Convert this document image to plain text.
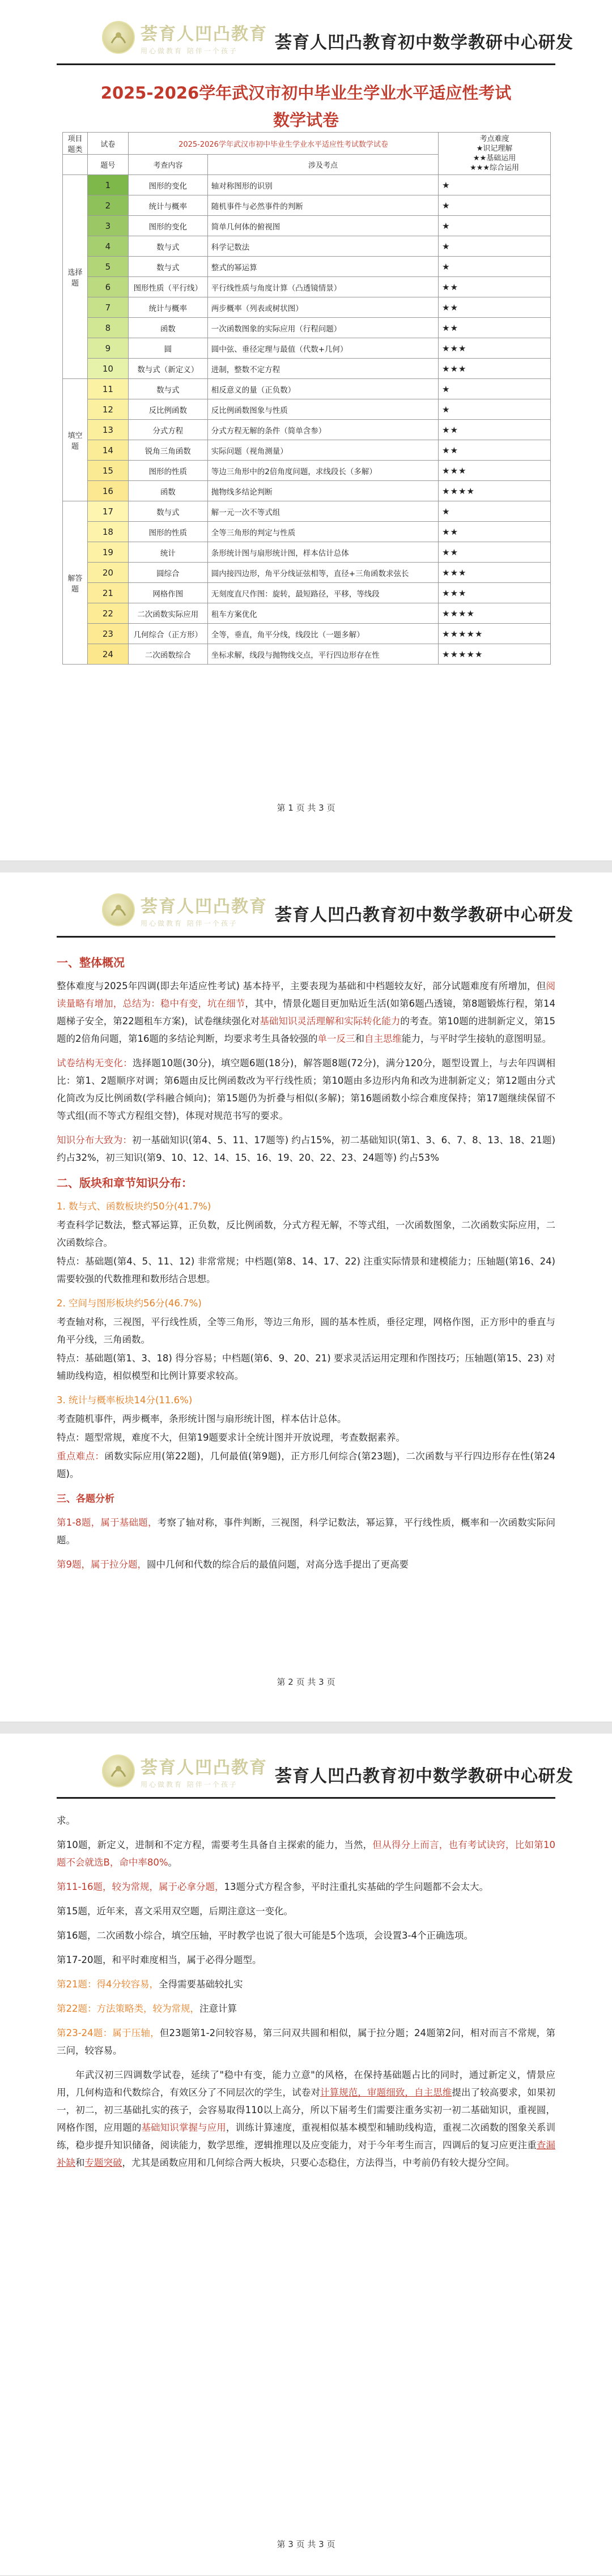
荟育人凹凸教育
用心做教育 陪伴一个孩子	荟育人凹凸教育初中数学教研中心研发
2025-2026学年武汉市初中毕业生学业水平适应性考试
数学试卷
项目题类	试卷	2025-2026学年武汉市初中毕业生学业水平适应性考试数学试卷		考点难度
★识记理解
★★基础运用
★★★综合运用
	题号	考查内容	涉及考点	
选择题	1	图形的变化	轴对称图形的识别	★
	2	统计与概率	随机事件与必然事件的判断	★
	3	图形的变化	简单几何体的俯视图	★
	4	数与式	科学记数法	★
	5	数与式	整式的幂运算	★
	6	图形性质（平行线）	平行线性质与角度计算（凸透镜情景）	★★
	7	统计与概率	两步概率（列表或树状图）	★★
	8	函数	一次函数图象的实际应用（行程问题）	★★
	9	圆	圆中弦、垂径定理与最值（代数+几何）	★★★
	10	数与式（新定义）	进制，整数不定方程	★★★
填空题	11	数与式	相反意义的量（正负数）	★
	12	反比例函数	反比例函数图象与性质	★
	13	分式方程	分式方程无解的条件（简单含参）	★★
	14	锐角三角函数	实际问题（视角测量）	★★
	15	图形的性质	等边三角形中的2倍角度问题，求线段长（多解）	★★★
	16	函数	抛物线多结论判断	★★★★
解答题	17	数与式	解一元一次不等式组	★
	18	图形的性质	全等三角形的判定与性质	★★
	19	统计	条形统计图与扇形统计图，样本估计总体	★★
	20	圆综合	圆内接四边形，角平分线证弦相等，直径+三角函数求弦长	★★★
	21	网格作图	无刻度直尺作图：旋转，最短路径，平移，等线段	★★★
	22	二次函数实际应用	租车方案优化	★★★★
	23	几何综合（正方形）	全等，垂直，角平分线，线段比（一题多解）	★★★★★
	24	二次函数综合	坐标求解，线段与抛物线交点，平行四边形存在性	★★★★★
第 1 页 共 3 页
荟育人凹凸教育
用心做教育 陪伴一个孩子	荟育人凹凸教育初中数学教研中心研发
一、整体概况

整体难度与2025年四调(即去年适应性考试) 基本持平，主要表现为基础和中档题较友好，部分试题难度有所增加，但阅读量略有增加，总结为：稳中有变，坑在细节，其中，情景化题目更加贴近生活(如第6题凸透镜，第8题锻炼行程，第14题梯子安全，第22题租车方案)，试卷继续强化对基础知识灵活理解和实际转化能力的考查。第10题的进制新定义，第15题的2倍角问题，第16题的多结论判断，均要求考生具备较强的单一反三和自主思维能力，与平时学生接轨的意图明显。

试卷结构无变化：选择题10题(30分)，填空题6题(18分)，解答题8题(72分)，满分120分，题型设置上，与去年四调相比：第1、2题顺序对调；第6题由反比例函数改为平行线性质；第10题由多边形内角和改为进制新定义；第12题由分式化简改为反比例函数(学科融合倾向)；第15题仍为折叠与相似(多解)；第16题函数小综合难度保持；第17题继续保留不等式组(而不等式方程组交替)，体现对规范书写的要求。

知识分布大致为：初一基础知识(第4、5、11、17题等) 约占15%，初二基础知识(第1、3、6、7、8、13、18、21题) 约占32%，初三知识(第9、10、12、14、15、16、19、20、22、23、24题等) 约占53%

二、版块和章节知识分布：
1. 数与式、函数板块约50分(41.7%)

考查科学记数法，整式幂运算，正负数，反比例函数，分式方程无解，不等式组，一次函数图象，二次函数实际应用，二次函数综合。

特点：基础题(第4、5、11、12) 非常常规；中档题(第8、14、17、22) 注重实际情景和建模能力；压轴题(第16、24) 需要较强的代数推理和数形结合思想。

2. 空间与图形板块约56分(46.7%)

考查轴对称，三视图，平行线性质，全等三角形，等边三角形，圆的基本性质，垂径定理，网格作图，正方形中的垂直与角平分线，三角函数。

特点：基础题(第1、3、18) 得分容易；中档题(第6、9、20、21) 要求灵活运用定理和作图技巧；压轴题(第15、23) 对辅助线构造，相似模型和比例计算要求较高。

3. 统计与概率板块14分(11.6%)

考查随机事件，两步概率，条形统计图与扇形统计图，样本估计总体。

特点：题型常规，难度不大，但第19题要求计全统计图并开放说理，考查数据素养。

重点难点：函数实际应用(第22题)，几何最值(第9题)，正方形几何综合(第23题)，二次函数与平行四边形存在性(第24题)。

三、各题分析

第1-8题，属于基础题，考察了轴对称，事件判断，三视图，科学记数法，幂运算，平行线性质，概率和一次函数实际问题。

第9题，属于拉分题，圆中几何和代数的综合后的最值问题，对高分选手提出了更高要

第 2 页 共 3 页
荟育人凹凸教育
用心做教育 陪伴一个孩子	荟育人凹凸教育初中数学教研中心研发

求。

第10题，新定义，进制和不定方程，需要考生具备自主探索的能力，当然，但从得分上而言，也有考试诀窍，比如第10题不会就选B，命中率80%。

第11-16题，较为常规，属于必拿分题，13题分式方程含参，平时注重扎实基础的学生问题都不会太大。

第15题，近年来，喜文采用双空题，后期注意这一变化。

第16题，二次函数小综合，填空压轴，平时教学也说了很大可能是5个选项，会设置3-4个正确选项。

第17-20题，和平时难度相当，属于必得分题型。

第21题：得4分较容易，全得需要基础较扎实

第22题：方法策略类，较为常规，注意计算

第23-24题：属于压轴，但23题第1-2问较容易，第三问双共圆和相似，属于拉分题；24题第2问，相对而言不常规，第三问，较容易。

年武汉初三四调数学试卷，延续了"稳中有变，能力立意"的风格，在保持基础题占比的同时，通过新定义，情景应用，几何构造和代数综合，有效区分了不同层次的学生，试卷对计算规范，审题细致，自主思维提出了较高要求，如果初一，初二，初三基础扎实的孩子，会容易取得110以上高分，所以下届考生们需要注重务实初一初二基础知识，重视圆，网格作图，应用题的基础知识掌握与应用，训练计算速度，重视相似基本模型和辅助线构造，重视二次函数的图象关系训练，稳步提升知识储备，阅读能力，数学思维，逻辑推理以及应变能力，对于今年考生而言，四调后的复习应更注重查漏补缺和专题突破，尤其是函数应用和几何综合两大板块，只要心态稳住，方法得当，中考前仍有较大提分空间。

第 3 页 共 3 页
